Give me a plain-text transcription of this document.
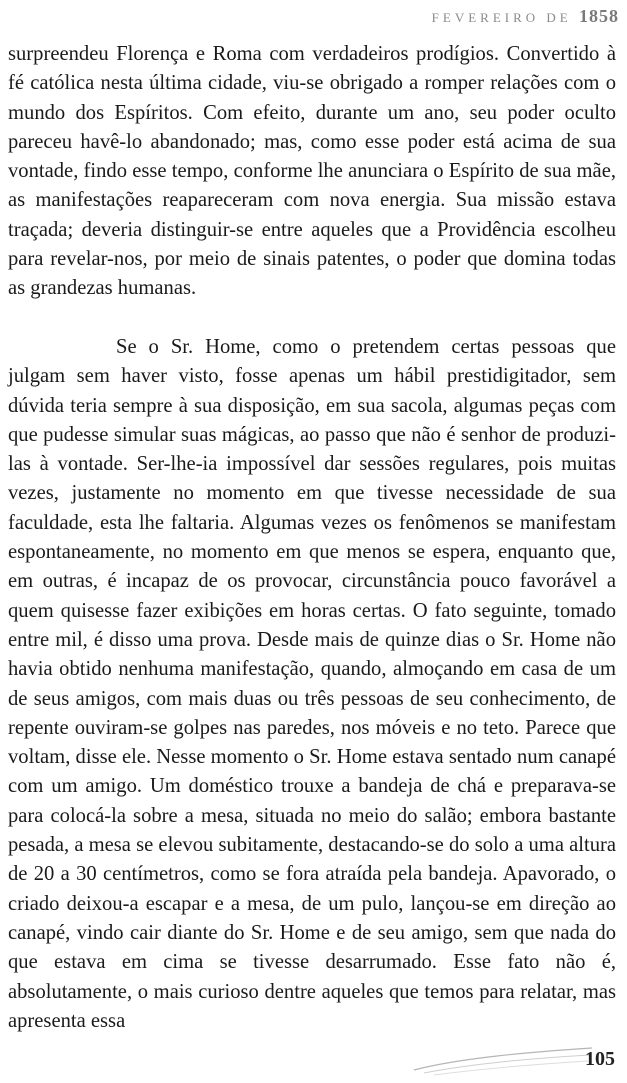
FEVEREIRO DE 1858

surpreendeu Florença e Roma com verdadeiros prodígios. Convertido à fé católica nesta última cidade, viu-se obrigado a romper relações com o mundo dos Espíritos. Com efeito, durante um ano, seu poder oculto pareceu havê-lo abandonado; mas, como esse poder está acima de sua vontade, findo esse tempo, conforme lhe anunciara o Espírito de sua mãe, as manifestações reapareceram com nova energia. Sua missão estava traçada; deveria distinguir-se entre aqueles que a Providência escolheu para revelar-nos, por meio de sinais patentes, o poder que domina todas as grandezas humanas.

Se o Sr. Home, como o pretendem certas pessoas que julgam sem haver visto, fosse apenas um hábil prestidigitador, sem dúvida teria sempre à sua disposição, em sua sacola, algumas peças com que pudesse simular suas mágicas, ao passo que não é senhor de produzi-las à vontade. Ser-lhe-ia impossível dar sessões regulares, pois muitas vezes, justamente no momento em que tivesse necessidade de sua faculdade, esta lhe faltaria. Algumas vezes os fenômenos se manifestam espontaneamente, no momento em que menos se espera, enquanto que, em outras, é incapaz de os provocar, circunstância pouco favorável a quem quisesse fazer exibições em horas certas. O fato seguinte, tomado entre mil, é disso uma prova. Desde mais de quinze dias o Sr. Home não havia obtido nenhuma manifestação, quando, almoçando em casa de um de seus amigos, com mais duas ou três pessoas de seu conhecimento, de repente ouviram-se golpes nas paredes, nos móveis e no teto. Parece que voltam, disse ele. Nesse momento o Sr. Home estava sentado num canapé com um amigo. Um doméstico trouxe a bandeja de chá e preparava-se para colocá-la sobre a mesa, situada no meio do salão; embora bastante pesada, a mesa se elevou subitamente, destacando-se do solo a uma altura de 20 a 30 centímetros, como se fora atraída pela bandeja. Apavorado, o criado deixou-a escapar e a mesa, de um pulo, lançou-se em direção ao canapé, vindo cair diante do Sr. Home e de seu amigo, sem que nada do que estava em cima se tivesse desarrumado. Esse fato não é, absolutamente, o mais curioso dentre aqueles que temos para relatar, mas apresenta essa

105
